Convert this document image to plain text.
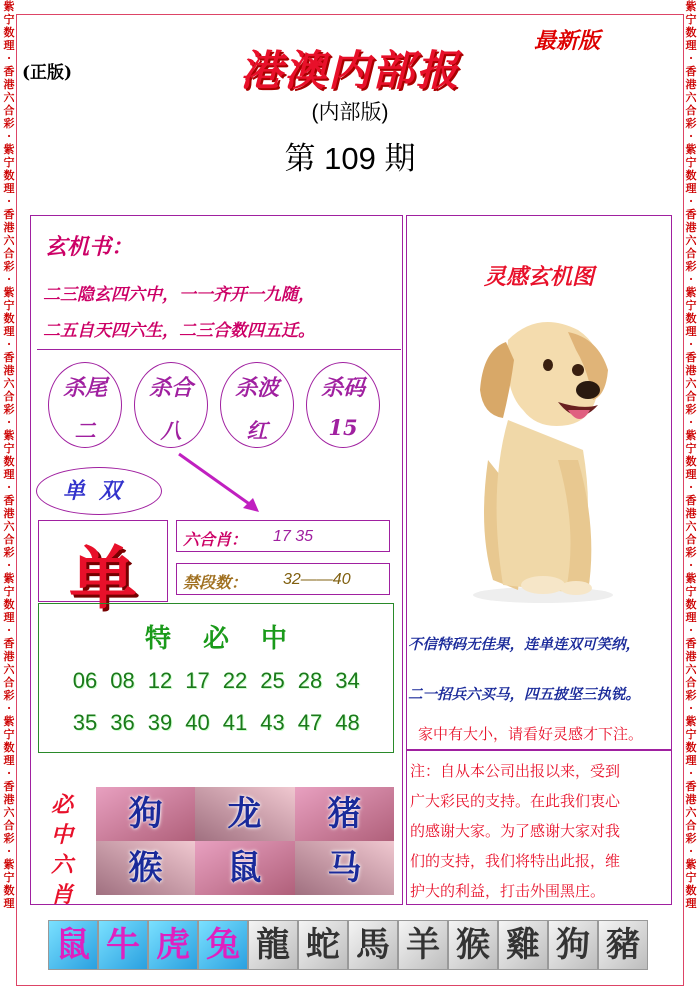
紫宁数理·香港六合彩·紫宁数理·香港六合彩·紫宁数理·香港六合彩·紫宁数理·香港六合彩·紫宁数理·香港六合彩·紫宁数理·香港六合彩·紫宁数理
紫宁数理·香港六合彩·紫宁数理·香港六合彩·紫宁数理·香港六合彩·紫宁数理·香港六合彩·紫宁数理·香港六合彩·紫宁数理·香港六合彩·紫宁数理
(正版)
最新版
港澳内部报
(内部版)
第 109 期
玄机书：
二三隐玄四六中，一一齐开一九随，
二五自天四六生，二三合数四五迁。
杀尾
二
杀合
八
杀波
红
杀码
15
单双
单	六合肖： 17 35
禁段数： 32——40
特必中
06 08 12 17 22 25 28 34
35 36 39 40 41 43 47 48
必中六肖
狗	龙	猪
猴	鼠	马
灵感玄机图
不信特码无佳果，连单连双可笑纳，
二一招兵六买马，四五披坚三执锐。
家中有大小，请看好灵感才下注。
注：自从本公司出报以来，受到
广大彩民的支持。在此我们衷心
的感谢大家。为了感谢大家对我
们的支持，我们将特出此报，维
护大的利益，打击外围黑庄。
鼠 牛 虎 兔 龍 蛇 馬 羊 猴 雞 狗 豬
